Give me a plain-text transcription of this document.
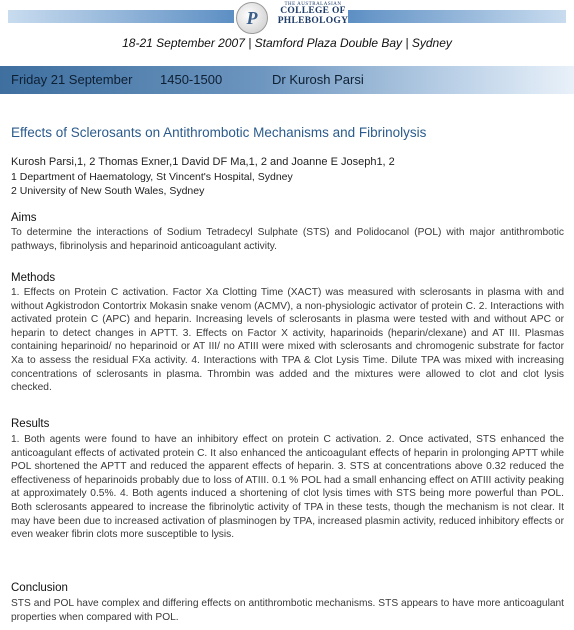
P
THE AUSTRALASIAN
COLLEGE OF
PHLEBOLOGY
18-21 September 2007 | Stamford Plaza Double Bay | Sydney
Friday 21 September 1450-1500	Dr Kurosh Parsi
Effects of Sclerosants on Antithrombotic Mechanisms and Fibrinolysis
Kurosh Parsi,1, 2 Thomas Exner,1 David DF Ma,1, 2 and Joanne E Joseph1, 2
1 Department of Haematology, St Vincent's Hospital, Sydney
2 University of New South Wales, Sydney
Aims

To determine the interactions of Sodium Tetradecyl Sulphate (STS) and Polidocanol (POL) with major antithrombotic pathways, fibrinolysis and heparinoid anticoagulant activity.

Methods

1. Effects on Protein C activation. Factor Xa Clotting Time (XACT) was measured with sclerosants in plasma with and without Agkistrodon Contortrix Mokasin snake venom (ACMV), a non-physiologic activator of protein C. 2. Interactions with activated protein C (APC) and heparin. Increasing levels of sclerosants in plasma were tested with and without APC or heparin to detect changes in APTT. 3. Effects on Factor X activity, haparinoids (heparin/clexane) and AT III. Plasmas containing heparinoid/ no heparinoid or AT III/ no ATIII were mixed with sclerosants and chromogenic substrate for factor Xa to assess the residual FXa activity. 4. Interactions with TPA & Clot Lysis Time. Dilute TPA was mixed with increasing concentrations of sclerosants in plasma. Thrombin was added and the mixtures were allowed to clot and clot lysis checked.

Results

1. Both agents were found to have an inhibitory effect on protein C activation. 2. Once activated, STS enhanced the anticoagulant effects of activated protein C. It also enhanced the anticoagulant effects of heparin in prolonging APTT while POL shortened the APTT and reduced the apparent effects of heparin. 3. STS at concentrations above 0.32 reduced the effectiveness of heparinoids probably due to loss of ATIII. 0.1 % POL had a small enhancing effect on ATIII activity peaking at approximately 0.5%. 4. Both agents induced a shortening of clot lysis times with STS being more powerful than POL. Both sclerosants appeared to increase the fibrinolytic activity of TPA in these tests, though the mechanism is not clear. It may have been due to increased activation of plasminogen by TPA, increased plasmin activity, reduced inhibitory effects or even weaker fibrin clots more susceptible to lysis.

Conclusion

STS and POL have complex and differing effects on antithrombotic mechanisms. STS appears to have more anticoagulant properties when compared with POL.
